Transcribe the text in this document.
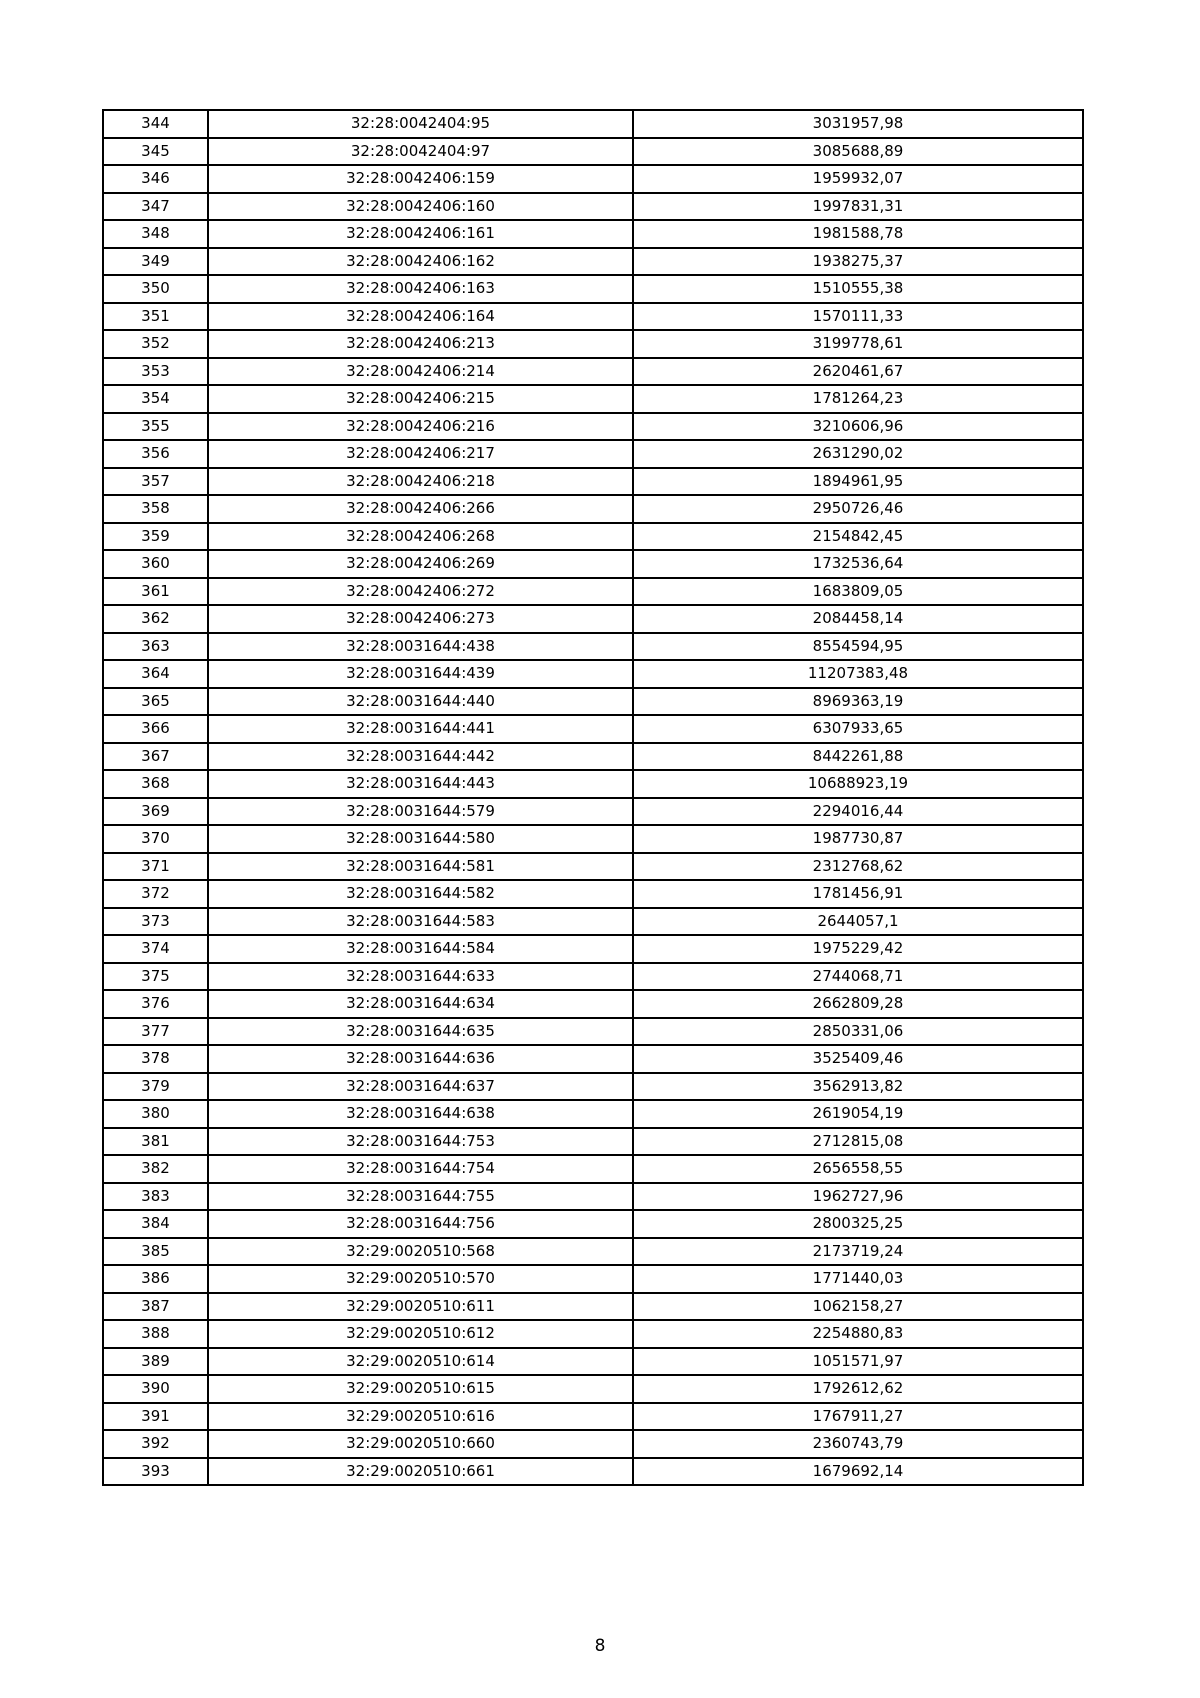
344	32:28:0042404:95	3031957,98
345	32:28:0042404:97	3085688,89
346	32:28:0042406:159	1959932,07
347	32:28:0042406:160	1997831,31
348	32:28:0042406:161	1981588,78
349	32:28:0042406:162	1938275,37
350	32:28:0042406:163	1510555,38
351	32:28:0042406:164	1570111,33
352	32:28:0042406:213	3199778,61
353	32:28:0042406:214	2620461,67
354	32:28:0042406:215	1781264,23
355	32:28:0042406:216	3210606,96
356	32:28:0042406:217	2631290,02
357	32:28:0042406:218	1894961,95
358	32:28:0042406:266	2950726,46
359	32:28:0042406:268	2154842,45
360	32:28:0042406:269	1732536,64
361	32:28:0042406:272	1683809,05
362	32:28:0042406:273	2084458,14
363	32:28:0031644:438	8554594,95
364	32:28:0031644:439	11207383,48
365	32:28:0031644:440	8969363,19
366	32:28:0031644:441	6307933,65
367	32:28:0031644:442	8442261,88
368	32:28:0031644:443	10688923,19
369	32:28:0031644:579	2294016,44
370	32:28:0031644:580	1987730,87
371	32:28:0031644:581	2312768,62
372	32:28:0031644:582	1781456,91
373	32:28:0031644:583	2644057,1
374	32:28:0031644:584	1975229,42
375	32:28:0031644:633	2744068,71
376	32:28:0031644:634	2662809,28
377	32:28:0031644:635	2850331,06
378	32:28:0031644:636	3525409,46
379	32:28:0031644:637	3562913,82
380	32:28:0031644:638	2619054,19
381	32:28:0031644:753	2712815,08
382	32:28:0031644:754	2656558,55
383	32:28:0031644:755	1962727,96
384	32:28:0031644:756	2800325,25
385	32:29:0020510:568	2173719,24
386	32:29:0020510:570	1771440,03
387	32:29:0020510:611	1062158,27
388	32:29:0020510:612	2254880,83
389	32:29:0020510:614	1051571,97
390	32:29:0020510:615	1792612,62
391	32:29:0020510:616	1767911,27
392	32:29:0020510:660	2360743,79
393	32:29:0020510:661	1679692,14
8
